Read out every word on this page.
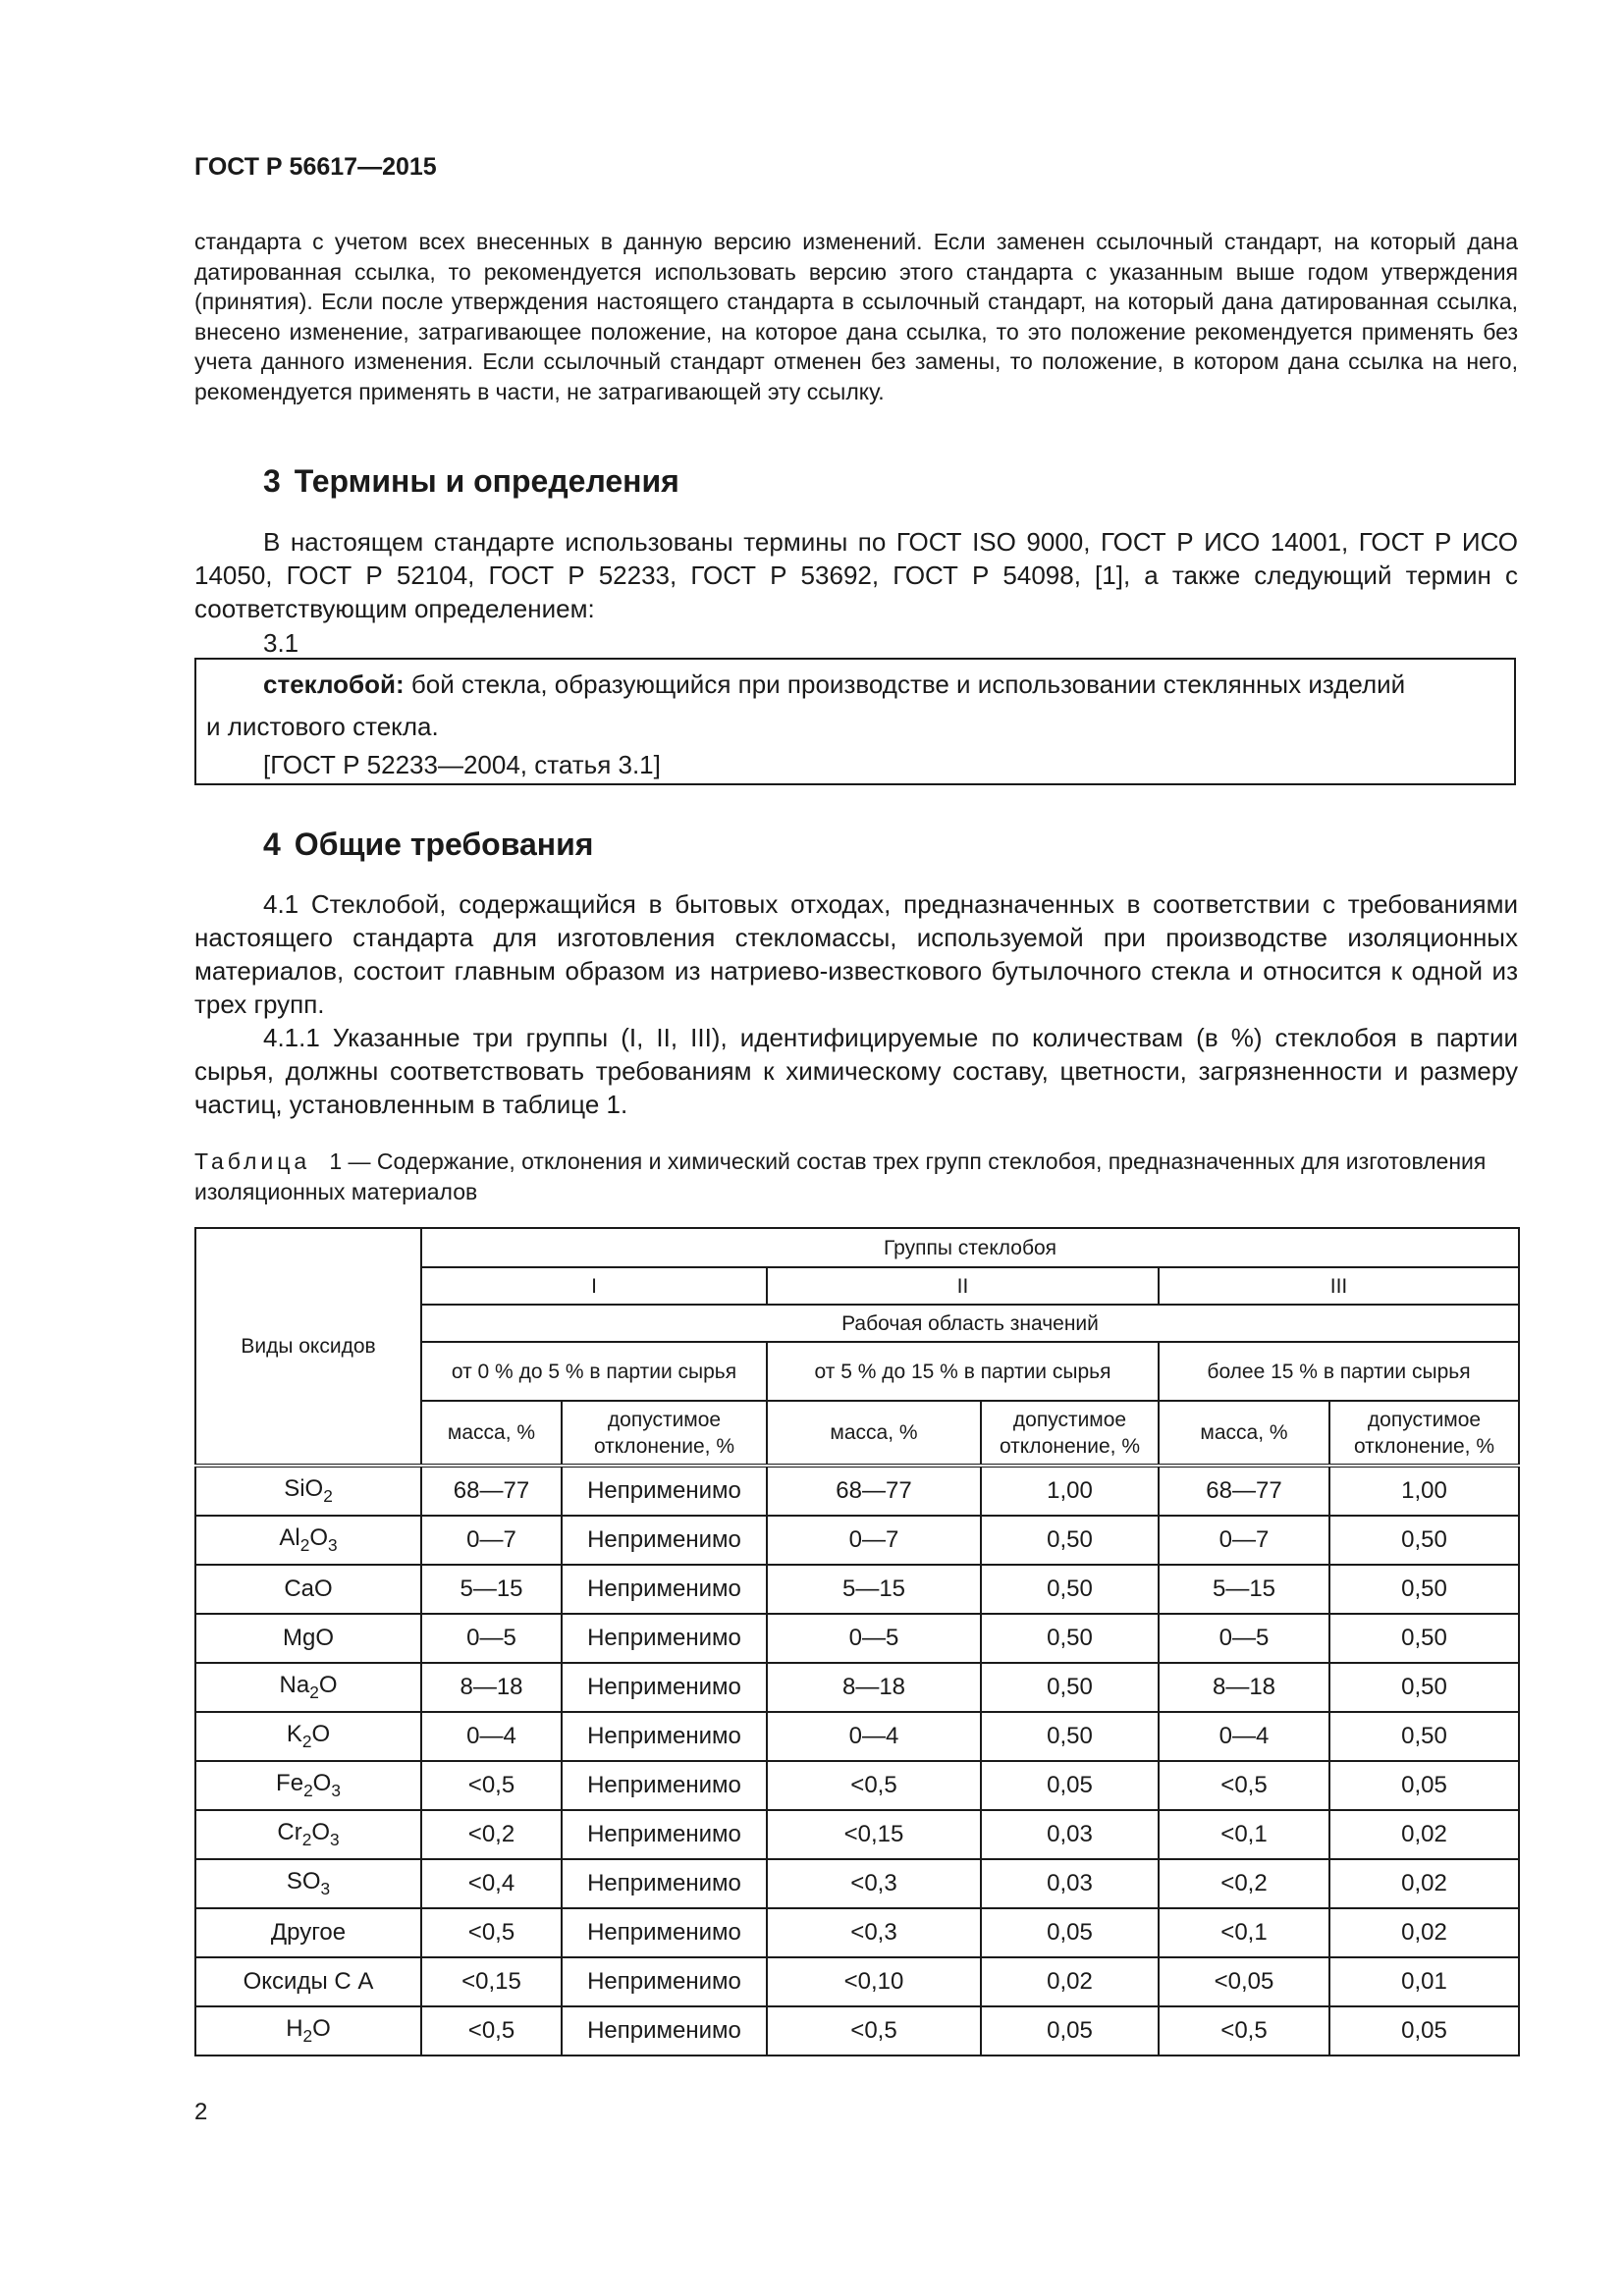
ГОСТ Р 56617—2015

стандарта с учетом всех внесенных в данную версию изменений. Если заменен ссылочный стандарт, на который дана датированная ссылка, то рекомендуется использовать версию этого стандарта с указанным выше годом утверждения (принятия). Если после утверждения настоящего стандарта в ссылочный стандарт, на который дана датированная ссылка, внесено изменение, затрагивающее положение, на которое дана ссылка, то это положение рекомендуется применять без учета данного изменения. Если ссылочный стандарт отменен без замены, то положение, в котором дана ссылка на него, рекомендуется применять в части, не затрагивающей эту ссылку.

3 Термины и определения

В настоящем стандарте использованы термины по ГОСТ ISO 9000, ГОСТ Р ИСО 14001, ГОСТ Р ИСО 14050, ГОСТ Р 52104, ГОСТ Р 52233, ГОСТ Р 53692, ГОСТ Р 54098, [1], а также следующий термин с соответствующим определением:

3.1

стеклобой: бой стекла, образующийся при производстве и использовании стеклянных изделий
и листового стекла.
[ГОСТ Р 52233—2004, статья 3.1]
4 Общие требования

4.1 Стеклобой, содержащийся в бытовых отходах, предназначенных в соответствии с требованиями настоящего стандарта для изготовления стекломассы, используемой при производстве изоляционных материалов, состоит главным образом из натриево-известкового бутылочного стекла и относится к одной из трех групп.

4.1.1 Указанные три группы (I, II, III), идентифицируемые по количествам (в %) стеклобоя в партии сырья, должны соответствовать требованиям к химическому составу, цветности, загрязненности и размеру частиц, установленным в таблице 1.

Таблица 1 — Содержание, отклонения и химический состав трех групп стеклобоя, предназначенных для изготовления изоляционных материалов

Виды оксидов	Группы стеклобоя					
	I		II		III	
	Рабочая область значений					
	от 0 % до 5 % в партии сырья		от 5 % до 15 % в партии сырья		более 15 % в партии сырья	
	масса, %	допустимое отклонение, %	масса, %	допустимое отклонение, %	масса, %	допустимое отклонение, %
SiO$_2$	68—77	Неприменимо	68—77	1,00	68—77	1,00
$Al_2O_3$	0—7	Неприменимо	0—7	0,50	0—7	0,50
CaO	5—15	Неприменимо	5—15	0,50	5—15	0,50
MgO	0—5	Неприменимо	0—5	0,50	0—5	0,50
$Na_2O$	8—18	Неприменимо	8—18	0,50	8—18	0,50
$K_2O$	0—4	Неприменимо	0—4	0,50	0—4	0,50
$Fe_2O_3$	<0,5	Неприменимо	<0,5	0,05	<0,5	0,05
$Cr_2O_3$	<0,2	Неприменимо	<0,15	0,03	<0,1	0,02
$SO_3$	<0,4	Неприменимо	<0,3	0,03	<0,2	0,02
Другое	<0,5	Неприменимо	<0,3	0,05	<0,1	0,02
Оксиды С А	<0,15	Неприменимо	<0,10	0,02	<0,05	0,01
$H_2O$	<0,5	Неприменимо	<0,5	0,05	<0,5	0,05

2
